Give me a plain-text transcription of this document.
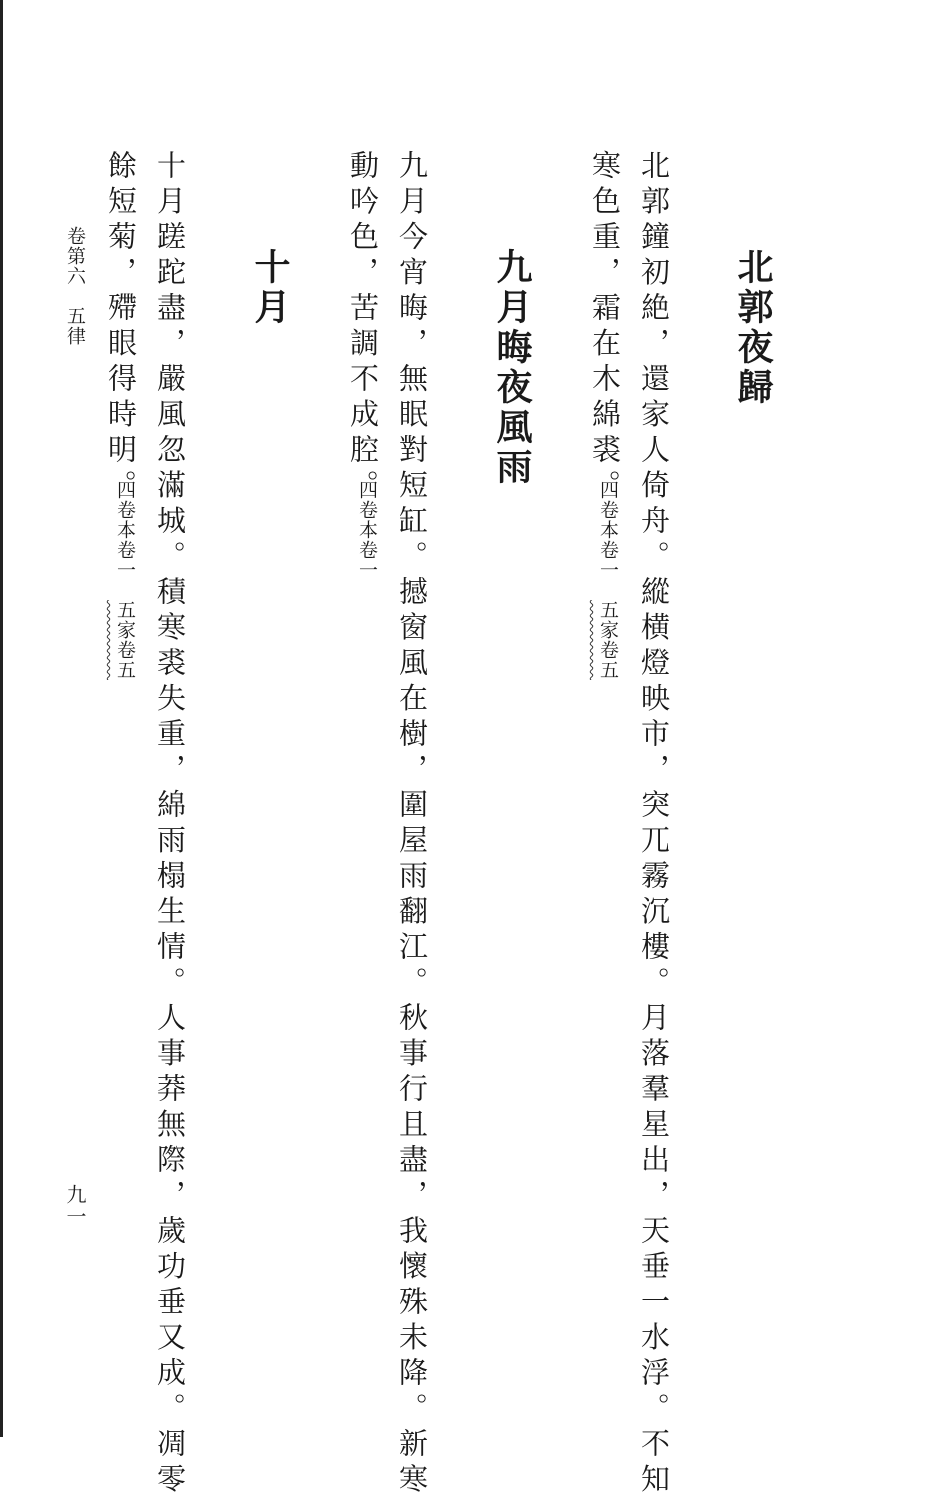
北郭夜歸
北郭鐘初絶，還家人倚舟。縱横燈映市，突兀霧沉樓。月落羣星出，天垂一水浮。不知
寒色重，霜在木綿裘。
四卷本卷一　五家卷五
九月晦夜風雨
九月今宵晦，無眠對短缸。撼窗風在樹，圍屋雨翻江。秋事行且盡，我懷殊未降。新寒
動吟色，苦調不成腔。
四卷本卷一
十月
十月蹉跎盡，嚴風忽滿城。積寒裘失重，綿雨榻生情。人事莽無際，歲功垂又成。凋零
餘短菊，殢眼得時明。
四卷本卷一　五家卷五
卷第六　五律
九一
